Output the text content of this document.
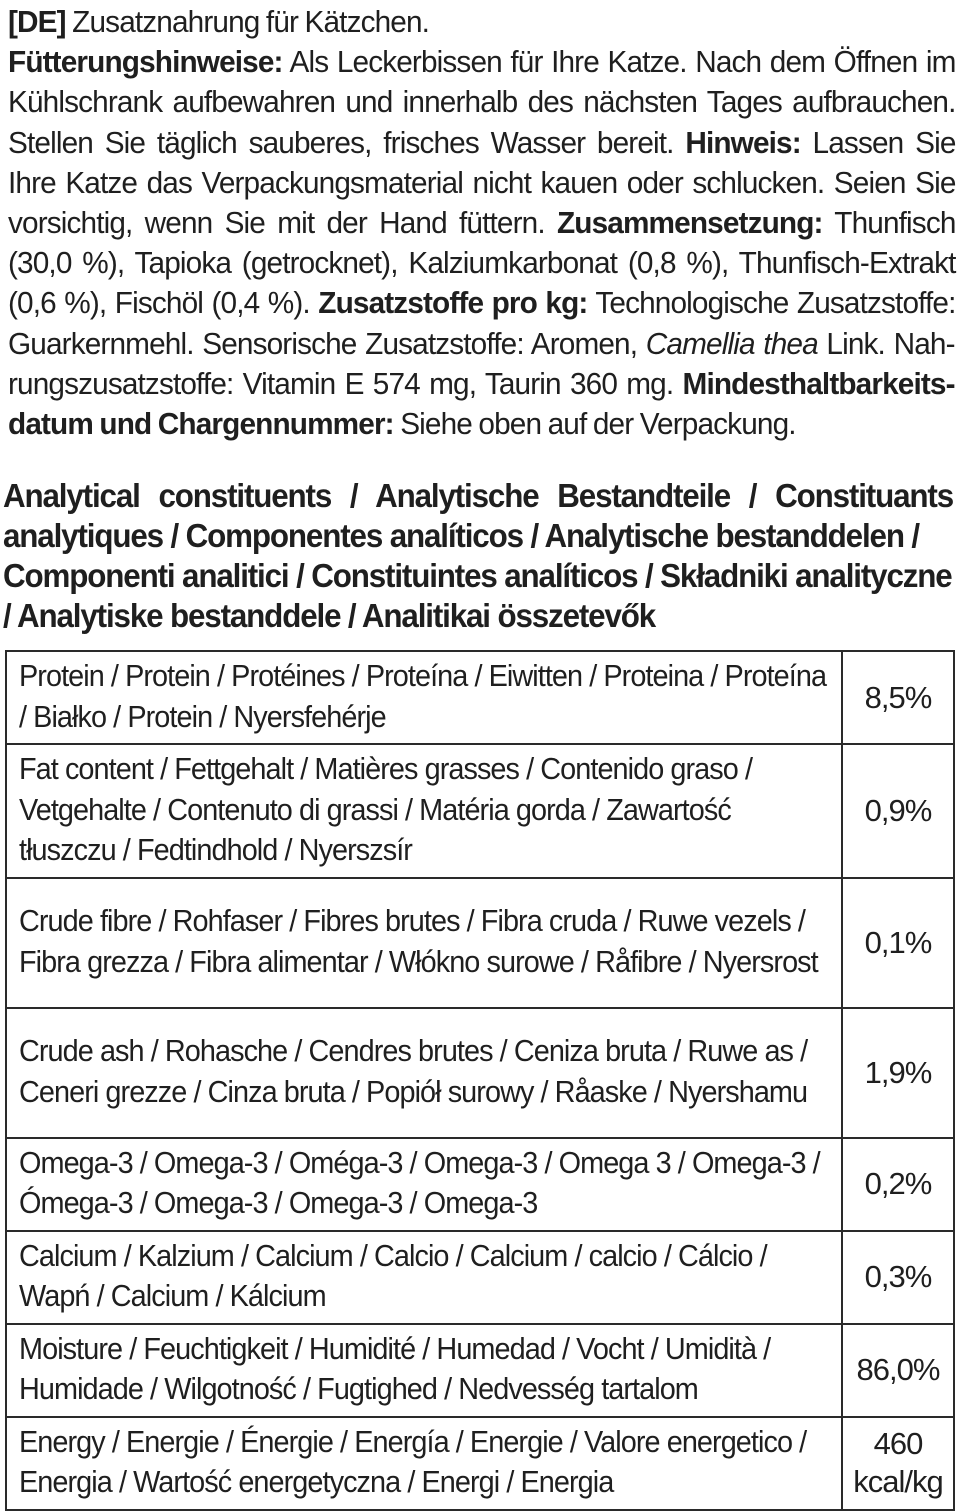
[DE] Zusatznahrung für Kätzchen.
Fütterungshinweise: Als Leckerbissen für Ihre Katze. Nach dem Öffnen im Kühlschrank aufbewahren und innerhalb des nächsten Tages aufbrauchen. Stellen Sie täglich sauberes, frisches Wasser bereit. Hinweis: Lassen Sie Ihre Katze das Verpackungsmaterial nicht kauen oder schlucken. Seien Sie vorsichtig, wenn Sie mit der Hand füttern. Zusammensetzung: Thunfisch (30,0 %), Tapioka (getrocknet), Kalziumkarbonat (0,8 %), Thunfisch-Extrakt (0,6 %), Fischöl (0,4 %). Zusatzstoffe pro kg: Technologische Zusatzstoffe: Guarkernmehl. Sensorische Zusatzstoffe: Aromen, Camellia thea Link. Nahrungszusatzstoffe: Vitamin E 574 mg, Taurin 360 mg. Mindesthaltbarkeitsdatum und Chargennummer: Siehe oben auf der Verpackung.
Analytical constituents / Analytische Bestandteile / Constituants
analytiques / Componentes analíticos / Analytische bestanddelen /
Componenti analitici / Constituintes analíticos / Składniki analityczne
/ Analytiske bestanddele / Analitikai összetevők
Protein / Protein / Protéines / Proteína / Eiwitten / Proteina / Proteína / Białko / Protein / Nyersfehérje	8,5%

Fat content / Fettgehalt / Matières grasses / Contenido graso / Vetgehalte / Contenuto di grassi / Matéria gorda / Zawartość tłuszczu / Fedtindhold / Nyerszsír	0,9%

Crude fibre / Rohfaser / Fibres brutes / Fibra cruda / Ruwe vezels / Fibra grezza / Fibra alimentar / Włókno surowe / Råfibre / Nyersrost	0,1%

Crude ash / Rohasche / Cendres brutes / Ceniza bruta / Ruwe as / Ceneri grezze / Cinza bruta / Popiół surowy / Råaske / Nyershamu	1,9%

Omega-3 / Omega-3 / Oméga-3 / Omega-3 / Omega 3 / Omega-3 / Ómega-3 / Omega-3 / Omega-3 / Omega-3	0,2%

Calcium / Kalzium / Calcium / Calcio / Calcium / calcio / Cálcio / Wapń / Calcium / Kálcium	0,3%

Moisture / Feuchtigkeit / Humidité / Humedad / Vocht / Umidità / Humidade / Wilgotność / Fugtighed / Nedvesség tartalom	86,0%

Energy / Energie / Énergie / Energía / Energie / Valore energetico / Energia / Wartość energetyczna / Energi / Energia	460 kcal/kg
